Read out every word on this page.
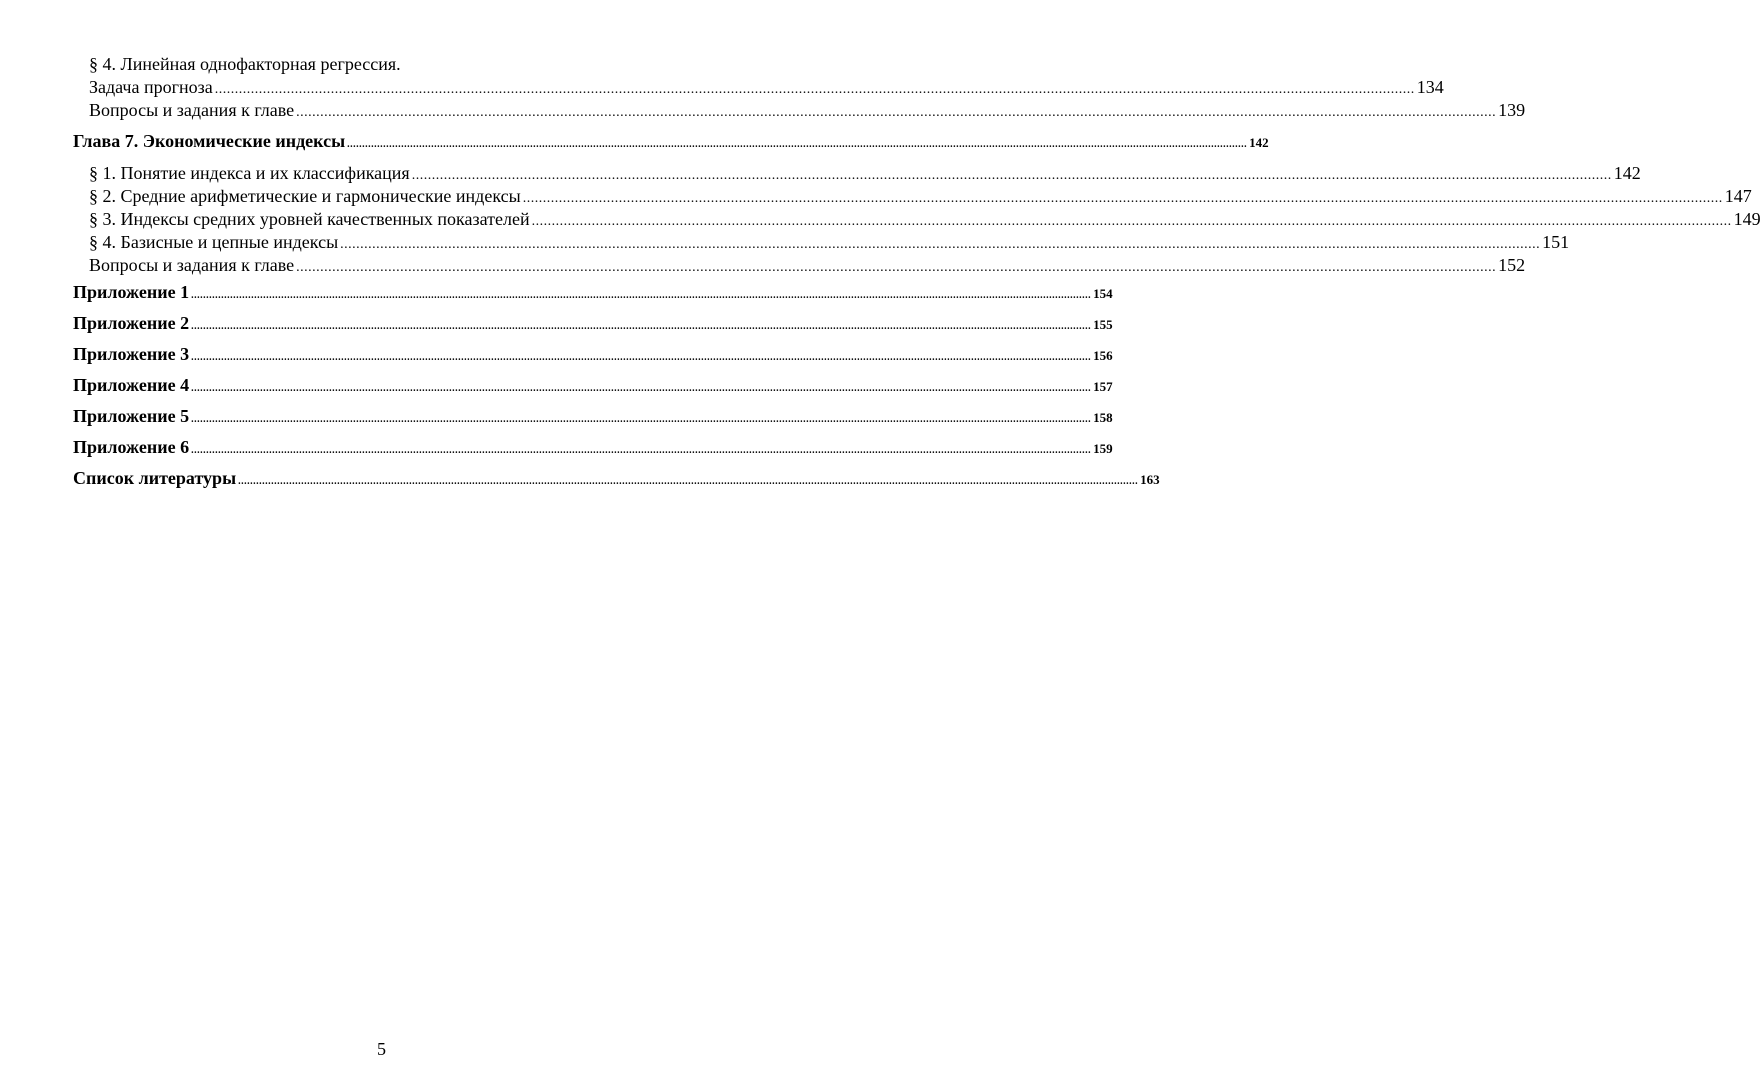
§ 4. Линейная однофакторная регрессия.
Задача прогноза ............................................................................................................................................................................................................................................................................................................ 134
Вопросы и задания к главе ............................................................................................................................................................................................................................................................................................................ 139
Глава 7. Экономические индексы ............................................................................................................................................................................................................................................................................................................ 142
§ 1. Понятие индекса и их классификация ............................................................................................................................................................................................................................................................................................................ 142
§ 2. Средние арифметические и гармонические индексы ............................................................................................................................................................................................................................................................................................................ 147
§ 3. Индексы средних уровней качественных показателей ............................................................................................................................................................................................................................................................................................................ 149
§ 4. Базисные и цепные индексы ............................................................................................................................................................................................................................................................................................................ 151
Вопросы и задания к главе ............................................................................................................................................................................................................................................................................................................ 152
Приложение 1 ............................................................................................................................................................................................................................................................................................................ 154
Приложение 2 ............................................................................................................................................................................................................................................................................................................ 155
Приложение 3 ............................................................................................................................................................................................................................................................................................................ 156
Приложение 4 ............................................................................................................................................................................................................................................................................................................ 157
Приложение 5 ............................................................................................................................................................................................................................................................................................................ 158
Приложение 6 ............................................................................................................................................................................................................................................................................................................ 159
Список литературы ............................................................................................................................................................................................................................................................................................................ 163
5
